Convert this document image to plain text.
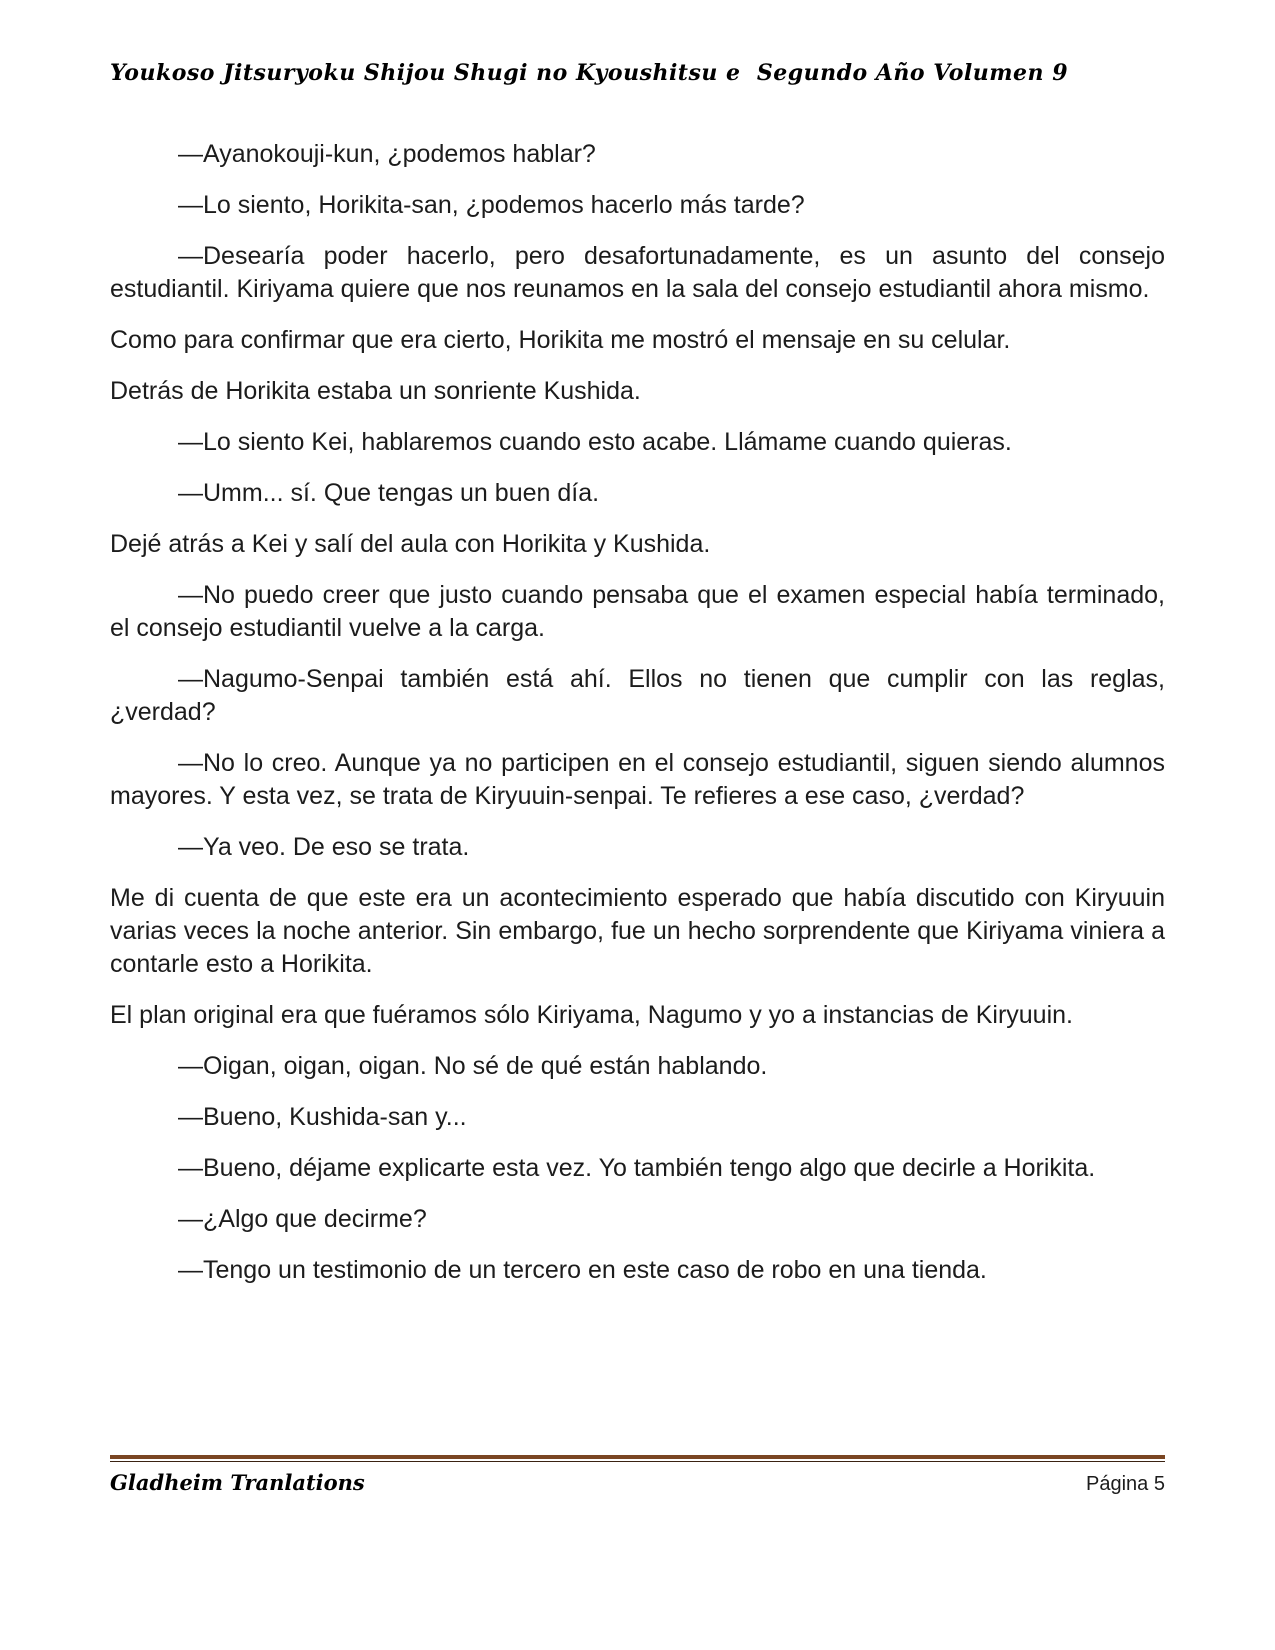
Youkoso Jitsuryoku Shijou Shugi no Kyoushitsu e  Segundo Año Volumen 9

—Ayanokouji-kun, ¿podemos hablar?

—Lo siento, Horikita-san, ¿podemos hacerlo más tarde?

—Desearía poder hacerlo, pero desafortunadamente, es un asunto del consejo estudiantil. Kiriyama quiere que nos reunamos en la sala del consejo estudiantil ahora mismo.

Como para confirmar que era cierto, Horikita me mostró el mensaje en su celular.

Detrás de Horikita estaba un sonriente Kushida.

—Lo siento Kei, hablaremos cuando esto acabe. Llámame cuando quieras.

—Umm... sí. Que tengas un buen día.

Dejé atrás a Kei y salí del aula con Horikita y Kushida.

—No puedo creer que justo cuando pensaba que el examen especial había terminado, el consejo estudiantil vuelve a la carga.

—Nagumo-Senpai también está ahí. Ellos no tienen que cumplir con las reglas, ¿verdad?

—No lo creo. Aunque ya no participen en el consejo estudiantil, siguen siendo alumnos mayores. Y esta vez, se trata de Kiryuuin-senpai. Te refieres a ese caso, ¿verdad?

—Ya veo. De eso se trata.

Me di cuenta de que este era un acontecimiento esperado que había discutido con Kiryuuin varias veces la noche anterior. Sin embargo, fue un hecho sorprendente que Kiriyama viniera a contarle esto a Horikita.

El plan original era que fuéramos sólo Kiriyama, Nagumo y yo a instancias de Kiryuuin.

—Oigan, oigan, oigan. No sé de qué están hablando.

—Bueno, Kushida-san y...

—Bueno, déjame explicarte esta vez. Yo también tengo algo que decirle a Horikita.

—¿Algo que decirme?

—Tengo un testimonio de un tercero en este caso de robo en una tienda.

Gladheim Tranlations	Página 5
